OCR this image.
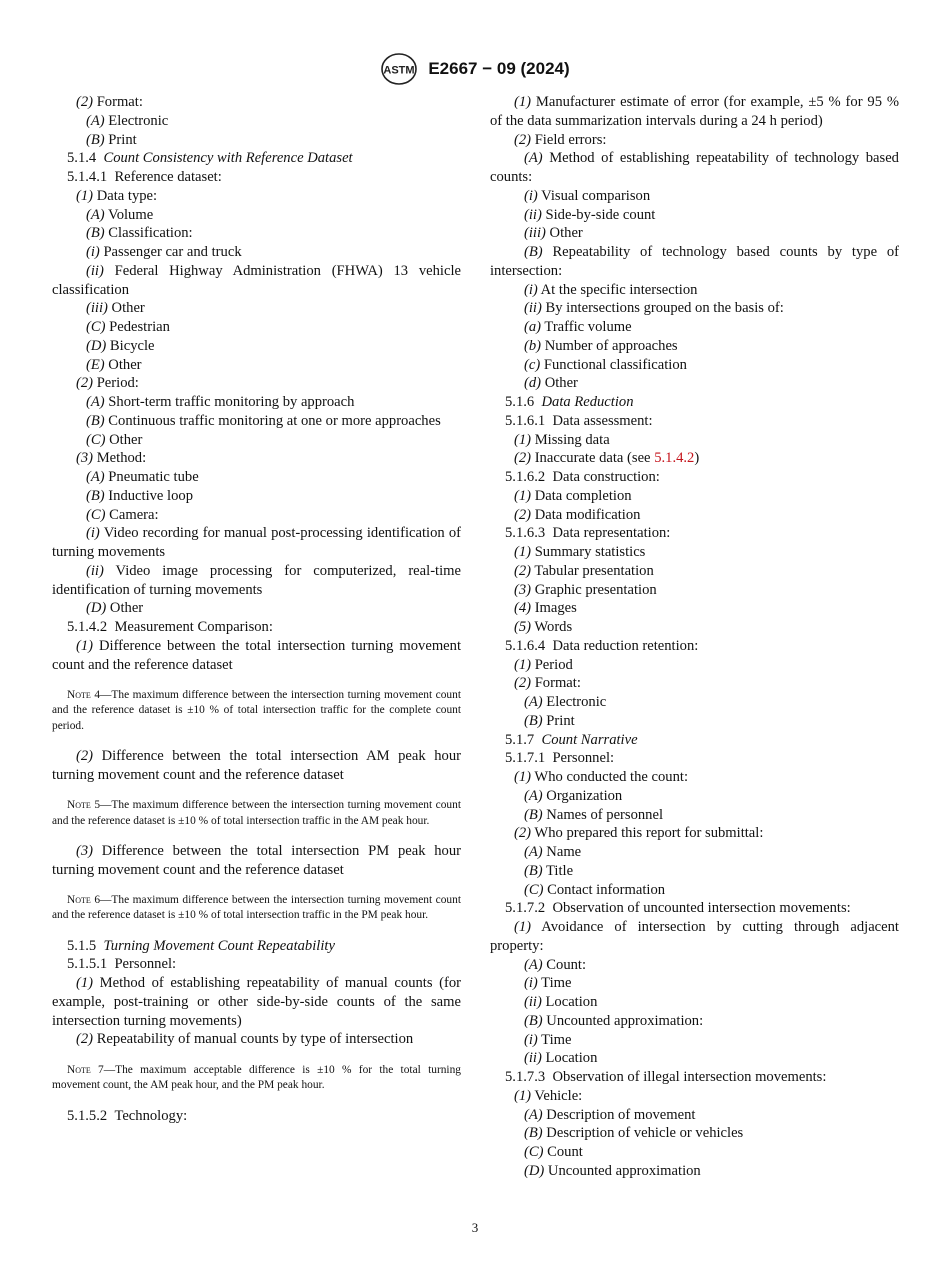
ASTM E2667 − 09 (2024)

(2) Format:

(A) Electronic

(B) Print

5.1.4  Count Consistency with Reference Dataset

5.1.4.1  Reference dataset:

(1) Data type:

(A) Volume

(B) Classification:

(i) Passenger car and truck

(ii) Federal Highway Administration (FHWA) 13 vehicle classification

(iii) Other

(C) Pedestrian

(D) Bicycle

(E) Other

(2) Period:

(A) Short-term traffic monitoring by approach

(B) Continuous traffic monitoring at one or more approaches

(C) Other

(3) Method:

(A) Pneumatic tube

(B) Inductive loop

(C) Camera:

(i) Video recording for manual post-processing identification of turning movements

(ii) Video image processing for computerized, real-time identification of turning movements

(D) Other

5.1.4.2  Measurement Comparison:

(1) Difference between the total intersection turning movement count and the reference dataset

Note 4—The maximum difference between the intersection turning movement count and the reference dataset is ±10 % of total intersection traffic for the complete count period.

(2) Difference between the total intersection AM peak hour turning movement count and the reference dataset

Note 5—The maximum difference between the intersection turning movement count and the reference dataset is ±10 % of total intersection traffic in the AM peak hour.

(3) Difference between the total intersection PM peak hour turning movement count and the reference dataset

Note 6—The maximum difference between the intersection turning movement count and the reference dataset is ±10 % of total intersection traffic in the PM peak hour.

5.1.5  Turning Movement Count Repeatability

5.1.5.1  Personnel:

(1) Method of establishing repeatability of manual counts (for example, post-training or other side-by-side counts of the same intersection turning movements)

(2) Repeatability of manual counts by type of intersection

Note 7—The maximum acceptable difference is ±10 % for the total turning movement count, the AM peak hour, and the PM peak hour.

5.1.5.2  Technology:

(1) Manufacturer estimate of error (for example, ±5 % for 95 % of the data summarization intervals during a 24 h period)

(2) Field errors:

(A) Method of establishing repeatability of technology based counts:

(i) Visual comparison

(ii) Side-by-side count

(iii) Other

(B) Repeatability of technology based counts by type of intersection:

(i) At the specific intersection

(ii) By intersections grouped on the basis of:

(a) Traffic volume

(b) Number of approaches

(c) Functional classification

(d) Other

5.1.6  Data Reduction

5.1.6.1  Data assessment:

(1) Missing data

(2) Inaccurate data (see 5.1.4.2)

5.1.6.2  Data construction:

(1) Data completion

(2) Data modification

5.1.6.3  Data representation:

(1) Summary statistics

(2) Tabular presentation

(3) Graphic presentation

(4) Images

(5) Words

5.1.6.4  Data reduction retention:

(1) Period

(2) Format:

(A) Electronic

(B) Print

5.1.7  Count Narrative

5.1.7.1  Personnel:

(1) Who conducted the count:

(A) Organization

(B) Names of personnel

(2) Who prepared this report for submittal:

(A) Name

(B) Title

(C) Contact information

5.1.7.2  Observation of uncounted intersection movements:

(1) Avoidance of intersection by cutting through adjacent property:

(A) Count:

(i) Time

(ii) Location

(B) Uncounted approximation:

(i) Time

(ii) Location

5.1.7.3  Observation of illegal intersection movements:

(1) Vehicle:

(A) Description of movement

(B) Description of vehicle or vehicles

(C) Count

(D) Uncounted approximation

3
